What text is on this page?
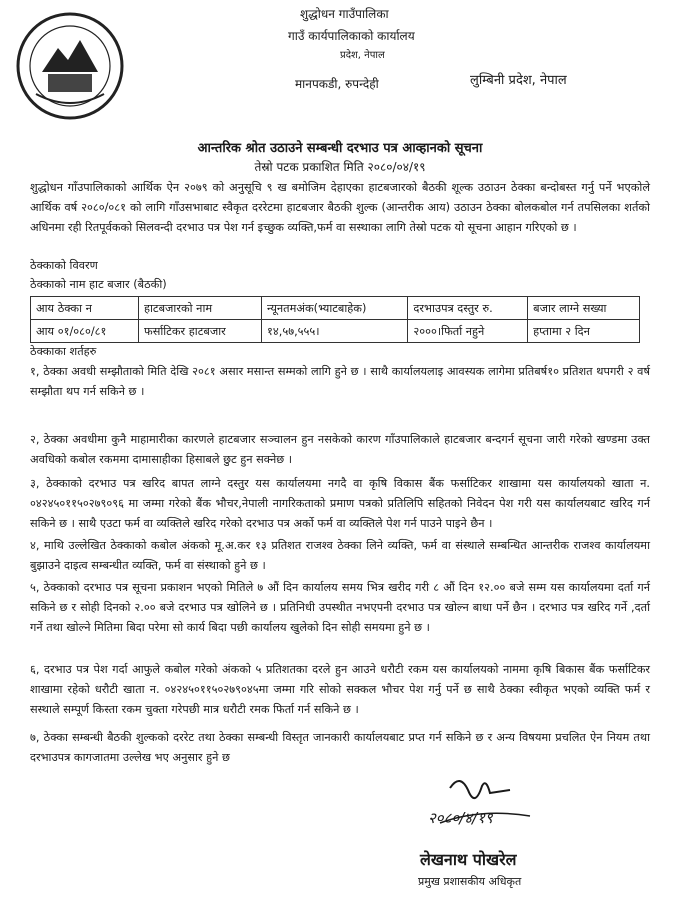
शुद्धोधन गाउँपालिका
गाउँ कार्यपालिकाको कार्यालय
प्रदेश, नेपाल
मानपकडी, रुपन्देही	लुम्बिनी प्रदेश, नेपाल
आन्तरिक श्रोत उठाउने सम्बन्धी दरभाउ पत्र आव्हानको सूचना
तेस्रो पटक प्रकाशित मिति २०८०/०४/१९
शुद्धोधन गाँउपालिकाको आर्थिक ऐन २०७९ को अनुसूचि ९ ख बमोजिम देहाएका हाटबजारको बैठकी शूल्क उठाउन ठेक्का बन्दोबस्त गर्नु पर्ने भएकोले आर्थिक वर्ष २०८०/०८१ को लागि गाँउसभाबाट स्वैकृत दररेटमा हाटबजार बैठकी शुल्क (आन्तरीक आय) उठाउन ठेक्का बोलकबोल गर्न तपसिलका शर्तको अधिनमा रही रितपूर्वकको सिलवन्दी दरभाउ पत्र पेश गर्न इच्छुक व्यक्ति,फर्म वा सस्थाका लागि तेस्रो पटक यो सूचना आहान गरिएको छ ।
ठेक्काको विवरण
ठेक्काको नाम हाट बजार (बैठकी)
आय ठेक्का न	हाटबजारको नाम	न्यूनतमअंक(भ्याटबाहेक)	दरभाउपत्र दस्तुर रु.	बजार लाग्ने सख्या
आय ०१/०८०/८१	फर्साटिकर हाटबजार	१४,५७,५५५।	२०००।फिर्ता नहुने	हप्तामा २ दिन
ठेक्काका शर्तहरु
१, ठेक्का अवधी सम्झौताको मिति देखि २०८१ असार मसान्त सम्मको लागि हुने छ । साथै कार्यालयलाइ आवस्यक लागेमा प्रतिबर्ष१० प्रतिशत थपगरी २ वर्ष सम्झौता थप गर्न सकिने छ ।
२, ठेक्का अवधीमा कुनै माहामारीका कारणले हाटबजार सञ्चालन हुन नसकेको कारण गाँउपालिकाले हाटबजार बन्दगर्न सूचना जारी गरेको खण्डमा उक्त अवधिको कबोल रकममा दामासाहीका हिसाबले छुट हुन सक्नेछ ।
३, ठेक्काको दरभाउ पत्र खरिद बापत लाग्ने दस्तुर यस कार्यालयमा नगदै वा कृषि विकास बैंक फर्साटिकर शाखामा यस कार्यालयको खाता न. ०४२४५०११५०२७९०९६ मा जम्मा गरेको बैंक भौचर,नेपाली नागरिकताको प्रमाण पत्रको प्रतिलिपि सहितको निवेदन पेश गरी यस कार्यालयबाट खरिद गर्न सकिने छ । साथै एउटा फर्म वा व्यक्तिले खरिद गरेको दरभाउ पत्र अर्को फर्म वा व्यक्तिले पेश गर्न पाउने पाइने छैन ।
४, माथि उल्लेखित ठेक्काको कबोल अंकको मू.अ.कर १३ प्रतिशत राजश्व ठेक्का लिने व्यक्ति, फर्म वा संस्थाले सम्बन्धित आन्तरीक राजश्व कार्यालयमा बुझाउने दाइत्व सम्बन्धीत व्यक्ति, फर्म वा संस्थाको हुने छ ।
५, ठेक्काको दरभाउ पत्र सूचना प्रकाशन भएको मितिले ७ औं दिन कार्यालय समय भित्र खरीद गरी ८ औं दिन १२.०० बजे सम्म यस कार्यालयमा दर्ता गर्न सकिने छ र सोही दिनको २.०० बजे दरभाउ पत्र खोलिने छ । प्रतिनिधी उपस्थीत नभएपनी दरभाउ पत्र खोल्न बाधा पर्ने छैन । दरभाउ पत्र खरिद गर्ने ,दर्ता गर्ने तथा खोल्ने मितिमा बिदा परेमा सो कार्य बिदा पछी कार्यालय खुलेको दिन सोही समयमा हुने छ ।
६, दरभाउ पत्र पेश गर्दा आफुले कबोल गरेको अंकको ५ प्रतिशतका दरले हुन आउने धरौटी रकम यस कार्यालयको नाममा कृषि बिकास बैंक फर्साटिकर शाखामा रहेको धरौटी खाता न. ०४२४५०११५०२७९०४५मा जम्मा गरि सोको सक्कल भौचर पेश गर्नु पर्ने छ साथै ठेक्का स्वीकृत भएको व्यक्ति फर्म र सस्थाले सम्पूर्ण किस्ता रकम चुक्ता गरेपछी मात्र धरौटी रमक फिर्ता गर्न सकिने छ ।
७, ठेक्का सम्बन्धी बैठकी शुल्कको दररेट तथा ठेक्का सम्बन्धी विस्तृत जानकारी कार्यालयबाट प्रप्त गर्न सकिने छ र अन्य विषयमा प्रचलित ऐन नियम तथा दरभाउपत्र कागजातमा उल्लेख भए अनुसार हुने छ
२०८०/४/१९
लेखनाथ पोखरेल
प्रमुख प्रशासकीय अधिकृत
